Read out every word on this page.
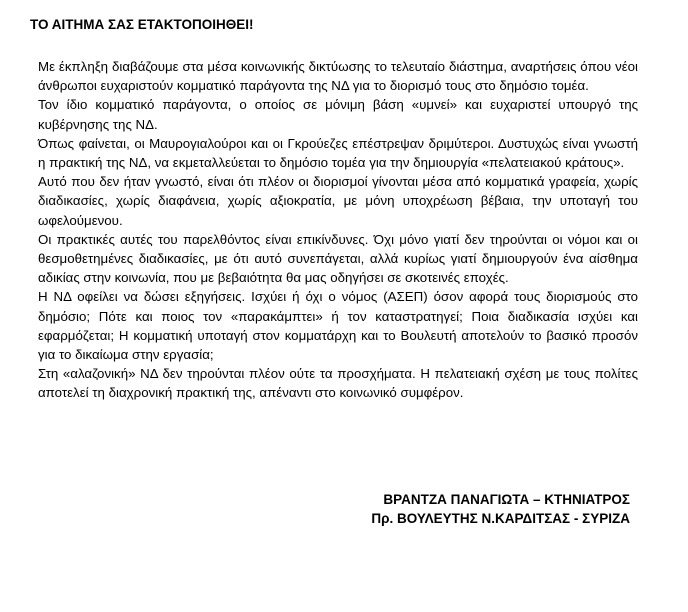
ΤΟ ΑΙΤΗΜΑ ΣΑΣ ΕΤΑΚΤΟΠΟΙΗΘΕΙ!

Με έκπληξη διαβάζουμε στα μέσα κοινωνικής δικτύωσης το τελευταίο διάστημα, αναρτήσεις όπου νέοι άνθρωποι ευχαριστούν κομματικό παράγοντα της ΝΔ για το διορισμό τους στο δημόσιο τομέα.

Τον ίδιο κομματικό παράγοντα, ο οποίος σε μόνιμη βάση «υμνεί» και ευχαριστεί υπουργό της κυβέρνησης της ΝΔ.

Όπως φαίνεται, οι Μαυρογιαλούροι και οι Γκρούεζες επέστρεψαν δριμύτεροι. Δυστυχώς είναι γνωστή η πρακτική της ΝΔ, να εκμεταλλεύεται το δημόσιο τομέα για την δημιουργία «πελατειακού κράτους».

Αυτό που δεν ήταν γνωστό, είναι ότι πλέον οι διορισμοί γίνονται μέσα από κομματικά γραφεία, χωρίς διαδικασίες, χωρίς διαφάνεια, χωρίς αξιοκρατία, με μόνη υποχρέωση βέβαια, την υποταγή του ωφελούμενου.

Οι πρακτικές αυτές του παρελθόντος είναι επικίνδυνες. Όχι μόνο γιατί δεν τηρούνται οι νόμοι και οι θεσμοθετημένες διαδικασίες, με ότι αυτό συνεπάγεται, αλλά κυρίως γιατί δημιουργούν ένα αίσθημα αδικίας στην κοινωνία, που με βεβαιότητα θα μας οδηγήσει σε σκοτεινές εποχές.

Η ΝΔ οφείλει να δώσει εξηγήσεις. Ισχύει ή όχι ο νόμος (ΑΣΕΠ) όσον αφορά τους διορισμούς στο δημόσιο; Πότε και ποιος τον «παρακάμπτει» ή τον καταστρατηγεί; Ποια διαδικασία ισχύει και εφαρμόζεται; Η κομματική υποταγή στον κομματάρχη και το Βουλευτή αποτελούν το βασικό προσόν για το δικαίωμα στην εργασία;

Στη «αλαζονική» ΝΔ δεν τηρούνται πλέον ούτε τα προσχήματα. Η πελατειακή σχέση με τους πολίτες αποτελεί τη διαχρονική πρακτική της, απέναντι στο κοινωνικό συμφέρον.

ΒΡΑΝΤΖΑ ΠΑΝΑΓΙΩΤΑ – ΚΤΗΝΙΑΤΡΟΣ
Πρ. ΒΟΥΛΕΥΤΗΣ Ν.ΚΑΡΔΙΤΣΑΣ - ΣΥΡΙΖΑ
